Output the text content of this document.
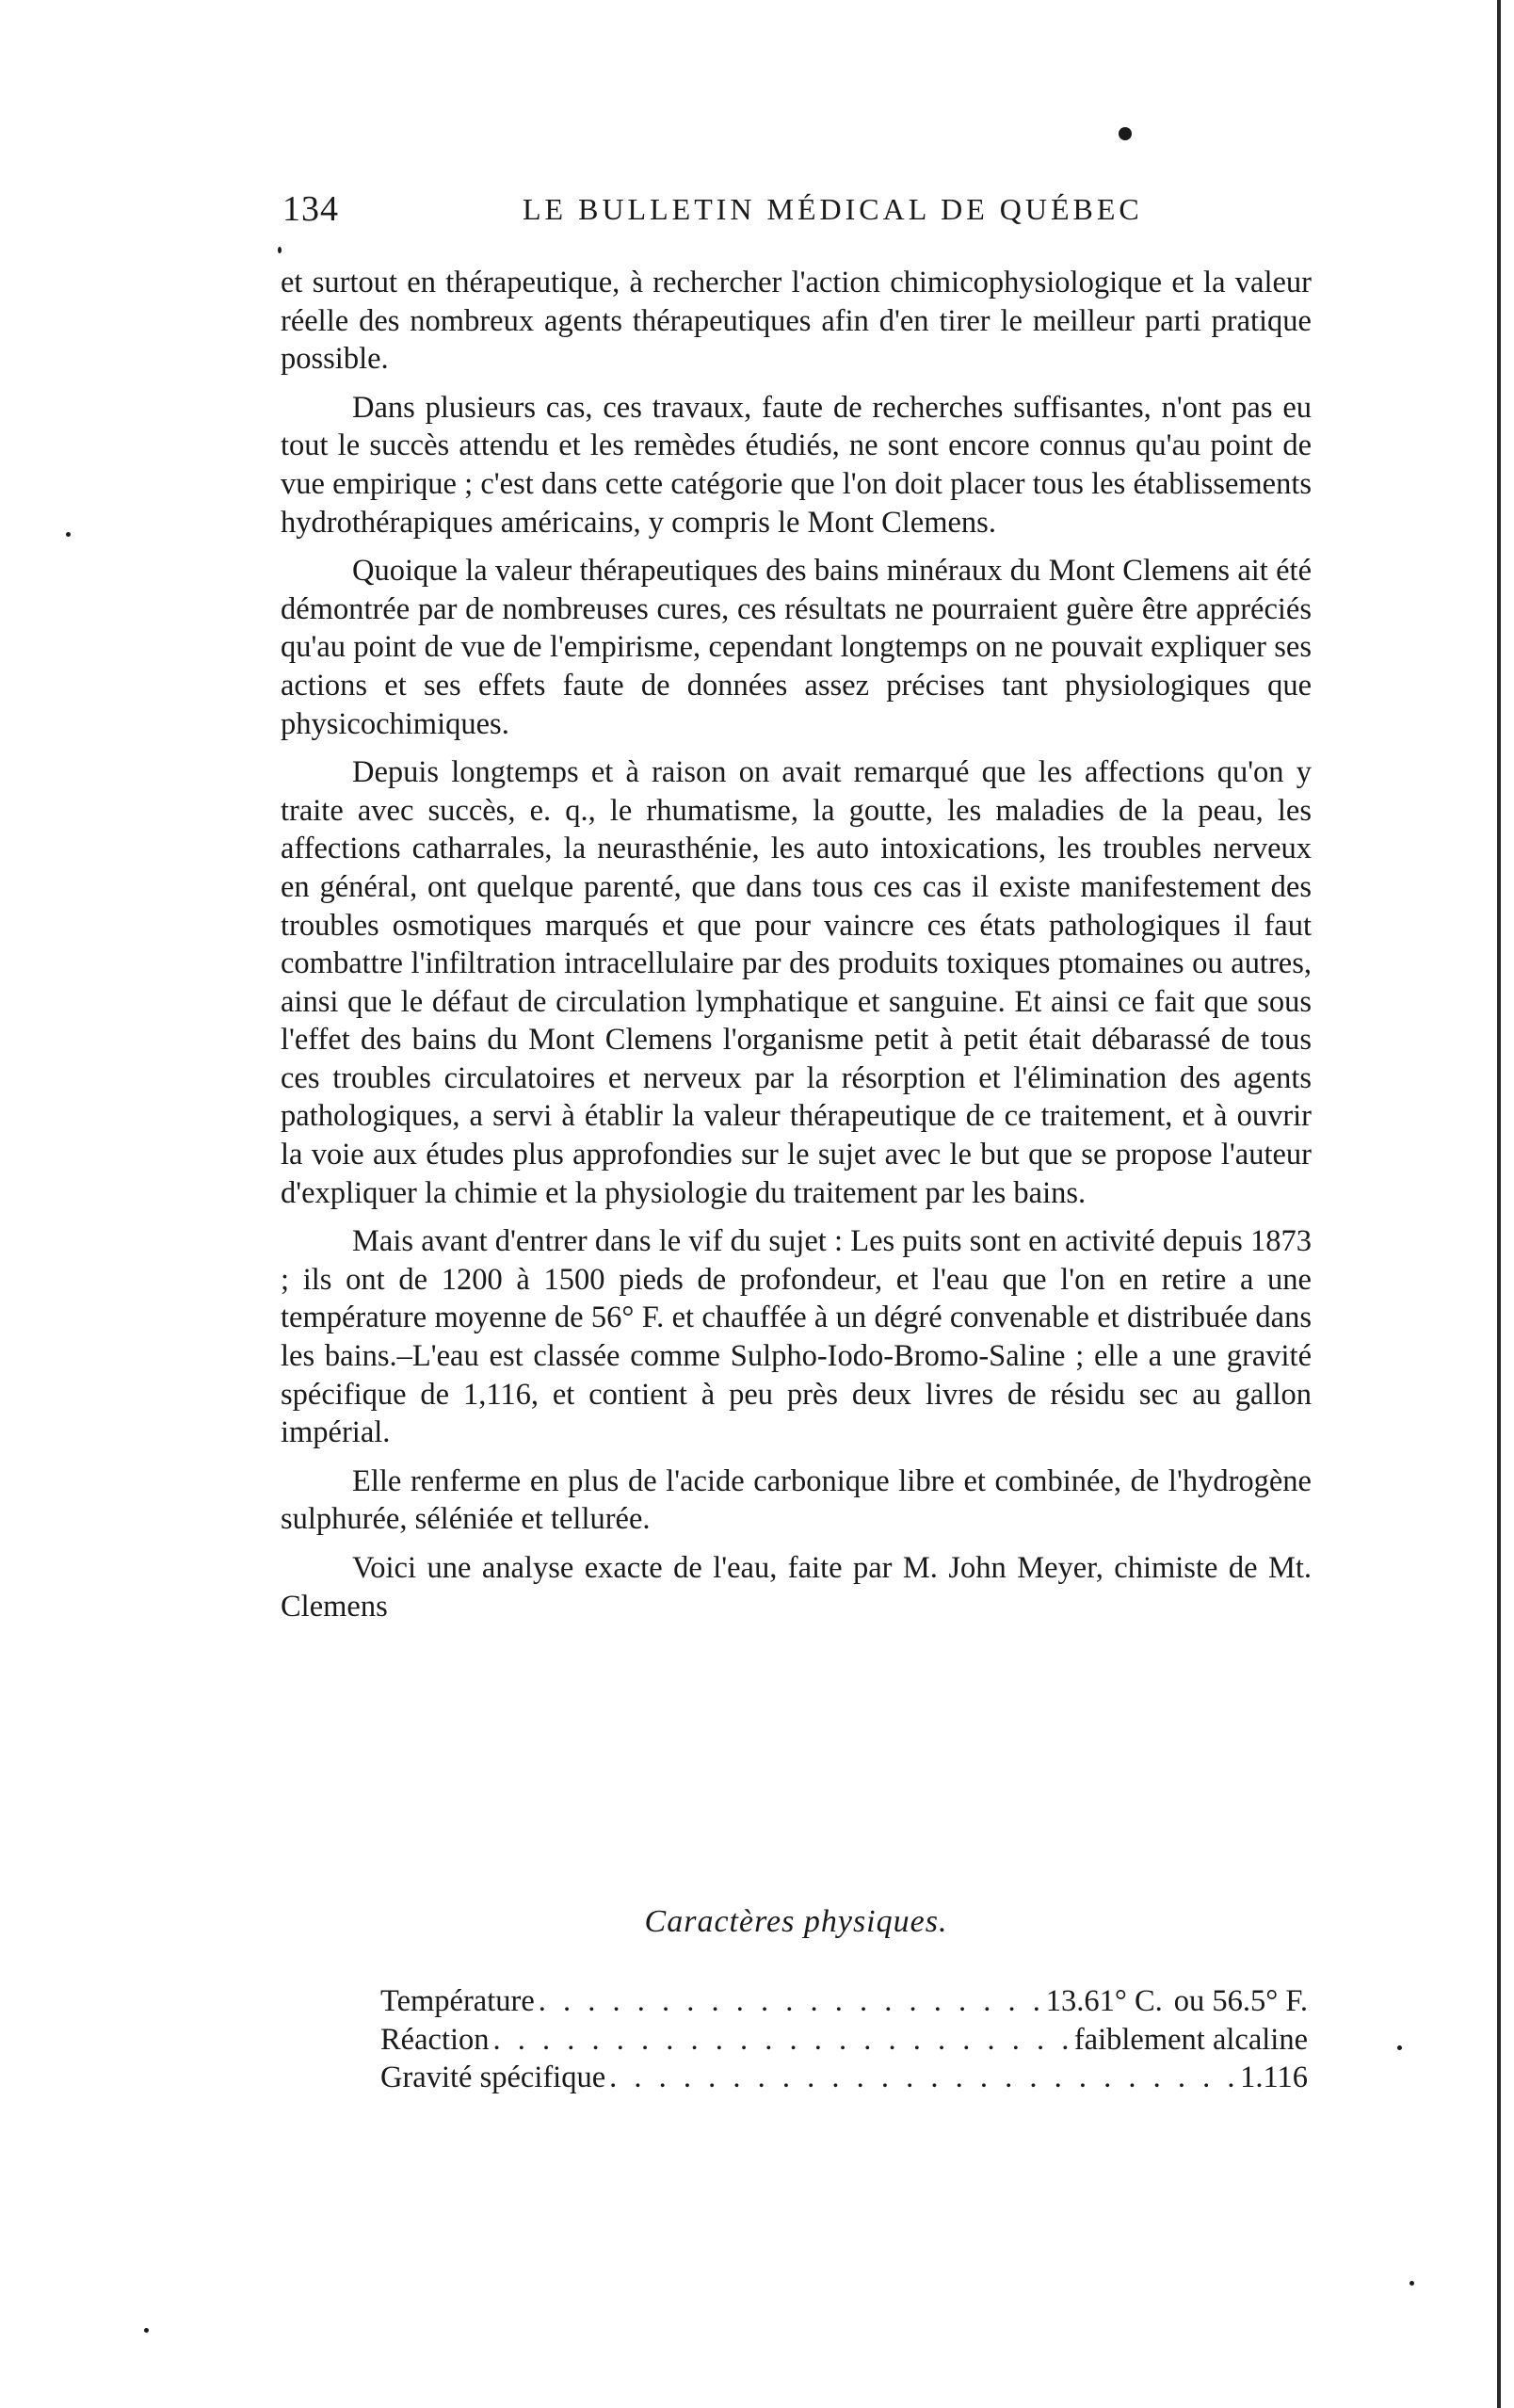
134	LE BULLETIN MÉDICAL DE QUÉBEC

et surtout en thérapeutique, à rechercher l'action chimicophysiologique et la valeur réelle des nombreux agents thérapeutiques afin d'en tirer le meilleur parti pratique possible.

Dans plusieurs cas, ces travaux, faute de recherches suffisantes, n'ont pas eu tout le succès attendu et les remèdes étudiés, ne sont encore connus qu'au point de vue empirique ; c'est dans cette catégorie que l'on doit placer tous les établissements hydrothérapiques américains, y compris le Mont Clemens.

Quoique la valeur thérapeutiques des bains minéraux du Mont Clemens ait été démontrée par de nombreuses cures, ces résultats ne pourraient guère être appréciés qu'au point de vue de l'empirisme, cependant longtemps on ne pouvait expliquer ses actions et ses effets faute de données assez précises tant physiologiques que physicochimiques.

Depuis longtemps et à raison on avait remarqué que les affections qu'on y traite avec succès, e. q., le rhumatisme, la goutte, les maladies de la peau, les affections catharrales, la neurasthénie, les auto intoxications, les troubles nerveux en général, ont quelque parenté, que dans tous ces cas il existe manifestement des troubles osmotiques marqués et que pour vaincre ces états pathologiques il faut combattre l'infiltration intracellulaire par des produits toxiques ptomaines ou autres, ainsi que le défaut de circulation lymphatique et sanguine. Et ainsi ce fait que sous l'effet des bains du Mont Clemens l'organisme petit à petit était débarassé de tous ces troubles circulatoires et nerveux par la résorption et l'élimination des agents pathologiques, a servi à établir la valeur thérapeutique de ce traitement, et à ouvrir la voie aux études plus approfondies sur le sujet avec le but que se propose l'auteur d'expliquer la chimie et la physiologie du traitement par les bains.

Mais avant d'entrer dans le vif du sujet : Les puits sont en activité depuis 1873 ; ils ont de 1200 à 1500 pieds de profondeur, et l'eau que l'on en retire a une température moyenne de 56° F. et chauffée à un dégré convenable et distribuée dans les bains.–L'eau est classée comme Sulpho-Iodo-Bromo-Saline ; elle a une gravité spécifique de 1,116, et contient à peu près deux livres de résidu sec au gallon impérial.

Elle renferme en plus de l'acide carbonique libre et combinée, de l'hydrogène sulphurée, séléniée et tellurée.

Voici une analyse exacte de l'eau, faite par M. John Meyer, chimiste de Mt. Clemens

Caractères physiques.
Température . . .	13.61° C. ou 56.5° F.
Réaction . . .	faiblement alcaline
Gravité spécifique . . .	1.116
